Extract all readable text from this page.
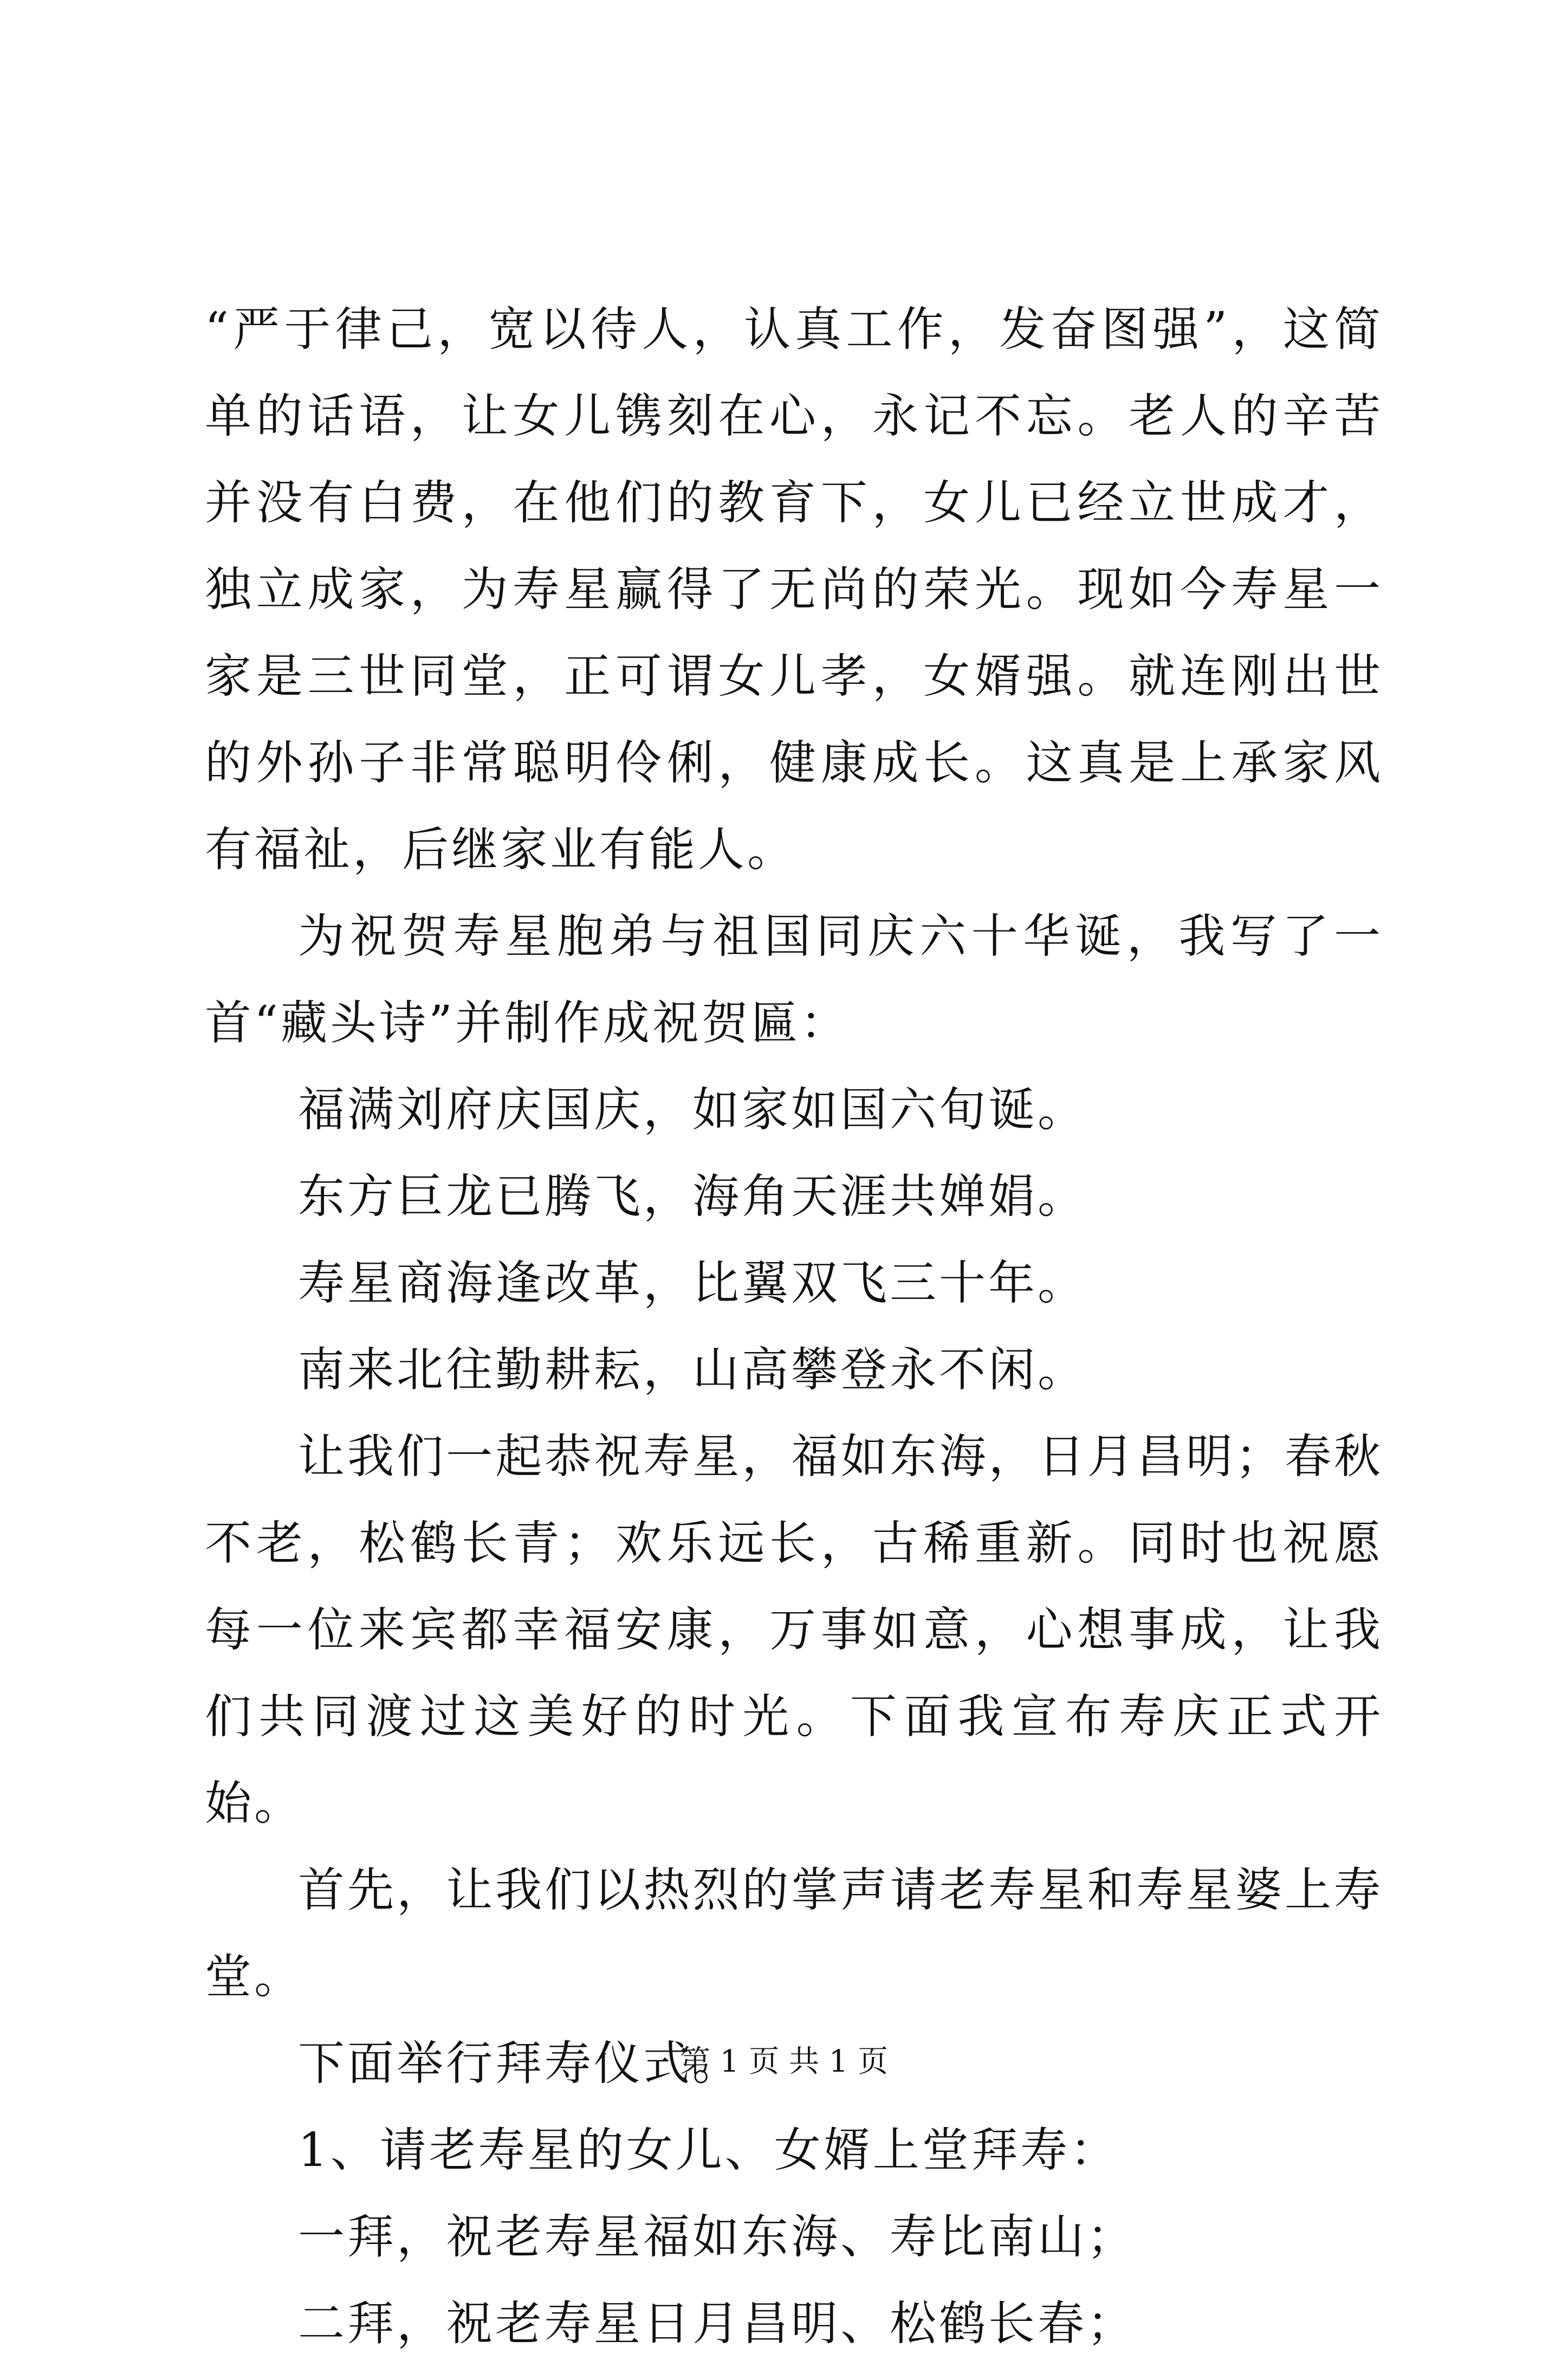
“严于律己，宽以待人，认真工作，发奋图强”，这简单的话语，让女儿镌刻在心，永记不忘。老人的辛苦并没有白费，在他们的教育下，女儿已经立世成才，独立成家，为寿星赢得了无尚的荣光。现如今寿星一家是三世同堂，正可谓女儿孝，女婿强。就连刚出世的外孙子非常聪明伶俐，健康成长。这真是上承家风有福祉，后继家业有能人。

为祝贺寿星胞弟与祖国同庆六十华诞，我写了一首“藏头诗”并制作成祝贺匾：

福满刘府庆国庆，如家如国六旬诞。

东方巨龙已腾飞，海角天涯共婵娟。

寿星商海逢改革，比翼双飞三十年。

南来北往勤耕耘，山高攀登永不闲。

让我们一起恭祝寿星，福如东海，日月昌明；春秋不老，松鹤长青；欢乐远长，古稀重新。同时也祝愿每一位来宾都幸福安康，万事如意，心想事成，让我们共同渡过这美好的时光。下面我宣布寿庆正式开始。

首先，让我们以热烈的掌声请老寿星和寿星婆上寿堂。

下面举行拜寿仪式。

1、请老寿星的女儿、女婿上堂拜寿：

一拜，祝老寿星福如东海、寿比南山；

二拜，祝老寿星日月昌明、松鹤长春；

第 1 页 共 1 页
